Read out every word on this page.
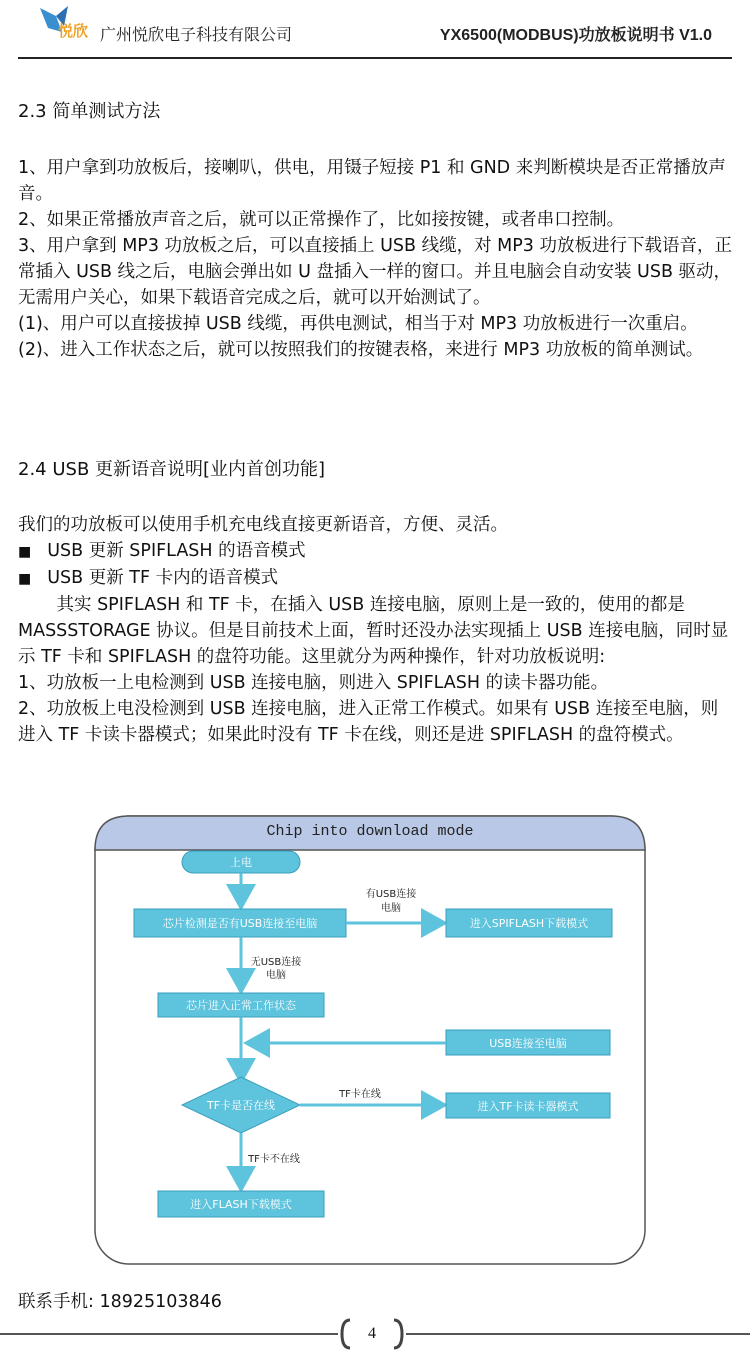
悦欣 广州悦欣电子科技有限公司	YX6500(MODBUS)功放板说明书 V1.0
2.3 简单测试方法

1、用户拿到功放板后，接喇叭，供电，用镊子短接 P1 和 GND 来判断模块是否正常播放声音。

2、如果正常播放声音之后，就可以正常操作了，比如接按键，或者串口控制。

3、用户拿到 MP3 功放板之后，可以直接插上 USB 线缆，对 MP3 功放板进行下载语音，正常插入 USB 线之后，电脑会弹出如 U 盘插入一样的窗口。并且电脑会自动安装 USB 驱动，无需用户关心，如果下载语音完成之后，就可以开始测试了。

(1)、用户可以直接拔掉 USB 线缆，再供电测试，相当于对 MP3 功放板进行一次重启。

(2)、进入工作状态之后，就可以按照我们的按键表格，来进行 MP3 功放板的简单测试。

2.4 USB 更新语音说明[业内首创功能]

我们的功放板可以使用手机充电线直接更新语音，方便、灵活。

■ USB 更新 SPIFLASH 的语音模式

■ USB 更新 TF 卡内的语音模式

其实 SPIFLASH 和 TF 卡，在插入 USB 连接电脑，原则上是一致的，使用的都是 MASSSTORAGE 协议。但是目前技术上面，暂时还没办法实现插上 USB 连接电脑，同时显示 TF 卡和 SPIFLASH 的盘符功能。这里就分为两种操作，针对功放板说明:

1、功放板一上电检测到 USB 连接电脑，则进入 SPIFLASH 的读卡器功能。

2、功放板上电没检测到 USB 连接电脑，进入正常工作模式。如果有 USB 连接至电脑，则进入 TF 卡读卡器模式；如果此时没有 TF 卡在线，则还是进 SPIFLASH 的盘符模式。

Chip into download mode
上电
芯片检测是否有USB连接至电脑
有USB连接
电脑
进入SPIFLASH下载模式
无USB连接
电脑
芯片进入正常工作状态
USB连接至电脑
TF卡是否在线
TF卡在线
进入TF卡读卡器模式
TF卡不在线
进入FLASH下载模式
联系手机: 18925103846
4
